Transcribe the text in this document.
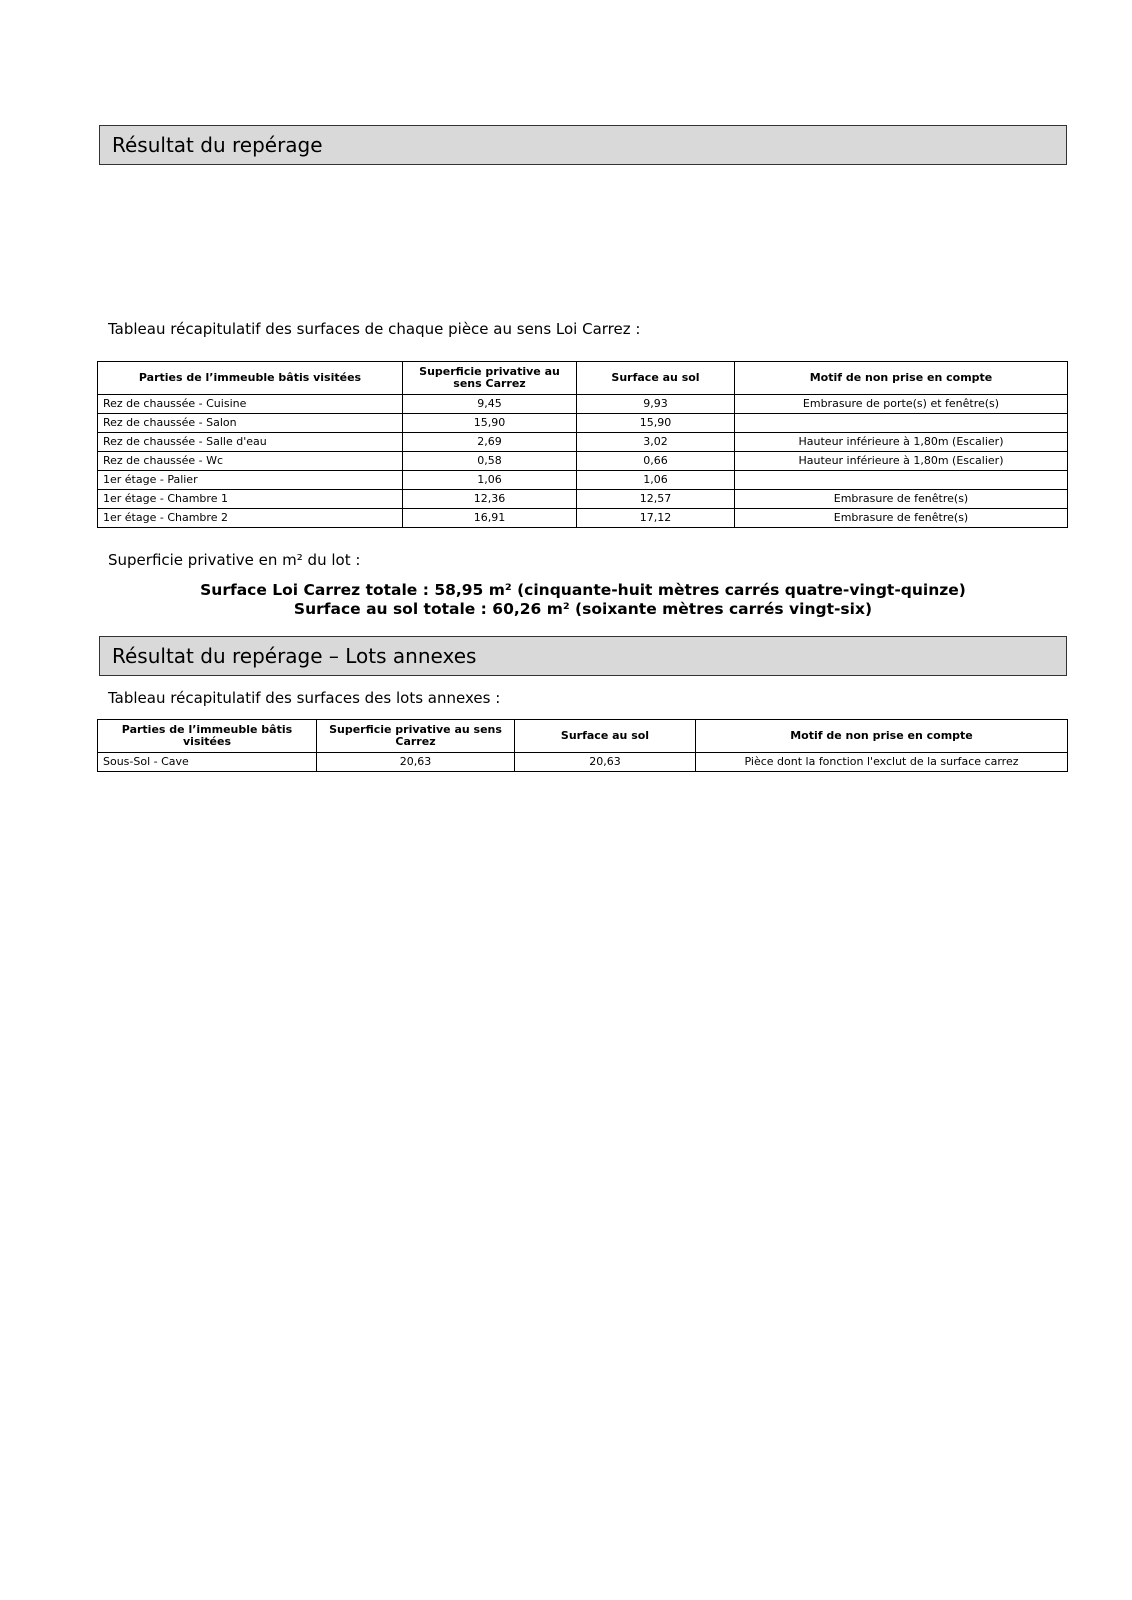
Résultat du repérage
Tableau récapitulatif des surfaces de chaque pièce au sens Loi Carrez :
Parties de l’immeuble bâtis visitées	Superficie privative au sens Carrez	Surface au sol	Motif de non prise en compte
Rez de chaussée - Cuisine	9,45	9,93	Embrasure de porte(s) et fenêtre(s)
Rez de chaussée - Salon	15,90	15,90	
Rez de chaussée - Salle d'eau	2,69	3,02	Hauteur inférieure à 1,80m (Escalier)
Rez de chaussée - Wc	0,58	0,66	Hauteur inférieure à 1,80m (Escalier)
1er étage - Palier	1,06	1,06	
1er étage - Chambre 1	12,36	12,57	Embrasure de fenêtre(s)
1er étage - Chambre 2	16,91	17,12	Embrasure de fenêtre(s)
Superficie privative en m² du lot :
Surface Loi Carrez totale : 58,95 m² (cinquante-huit mètres carrés quatre-vingt-quinze)
Surface au sol totale : 60,26 m² (soixante mètres carrés vingt-six)
Résultat du repérage – Lots annexes
Tableau récapitulatif des surfaces des lots annexes :
Parties de l’immeuble bâtis visitées	Superficie privative au sens Carrez	Surface au sol	Motif de non prise en compte
Sous-Sol - Cave	20,63	20,63	Pièce dont la fonction l'exclut de la surface carrez
